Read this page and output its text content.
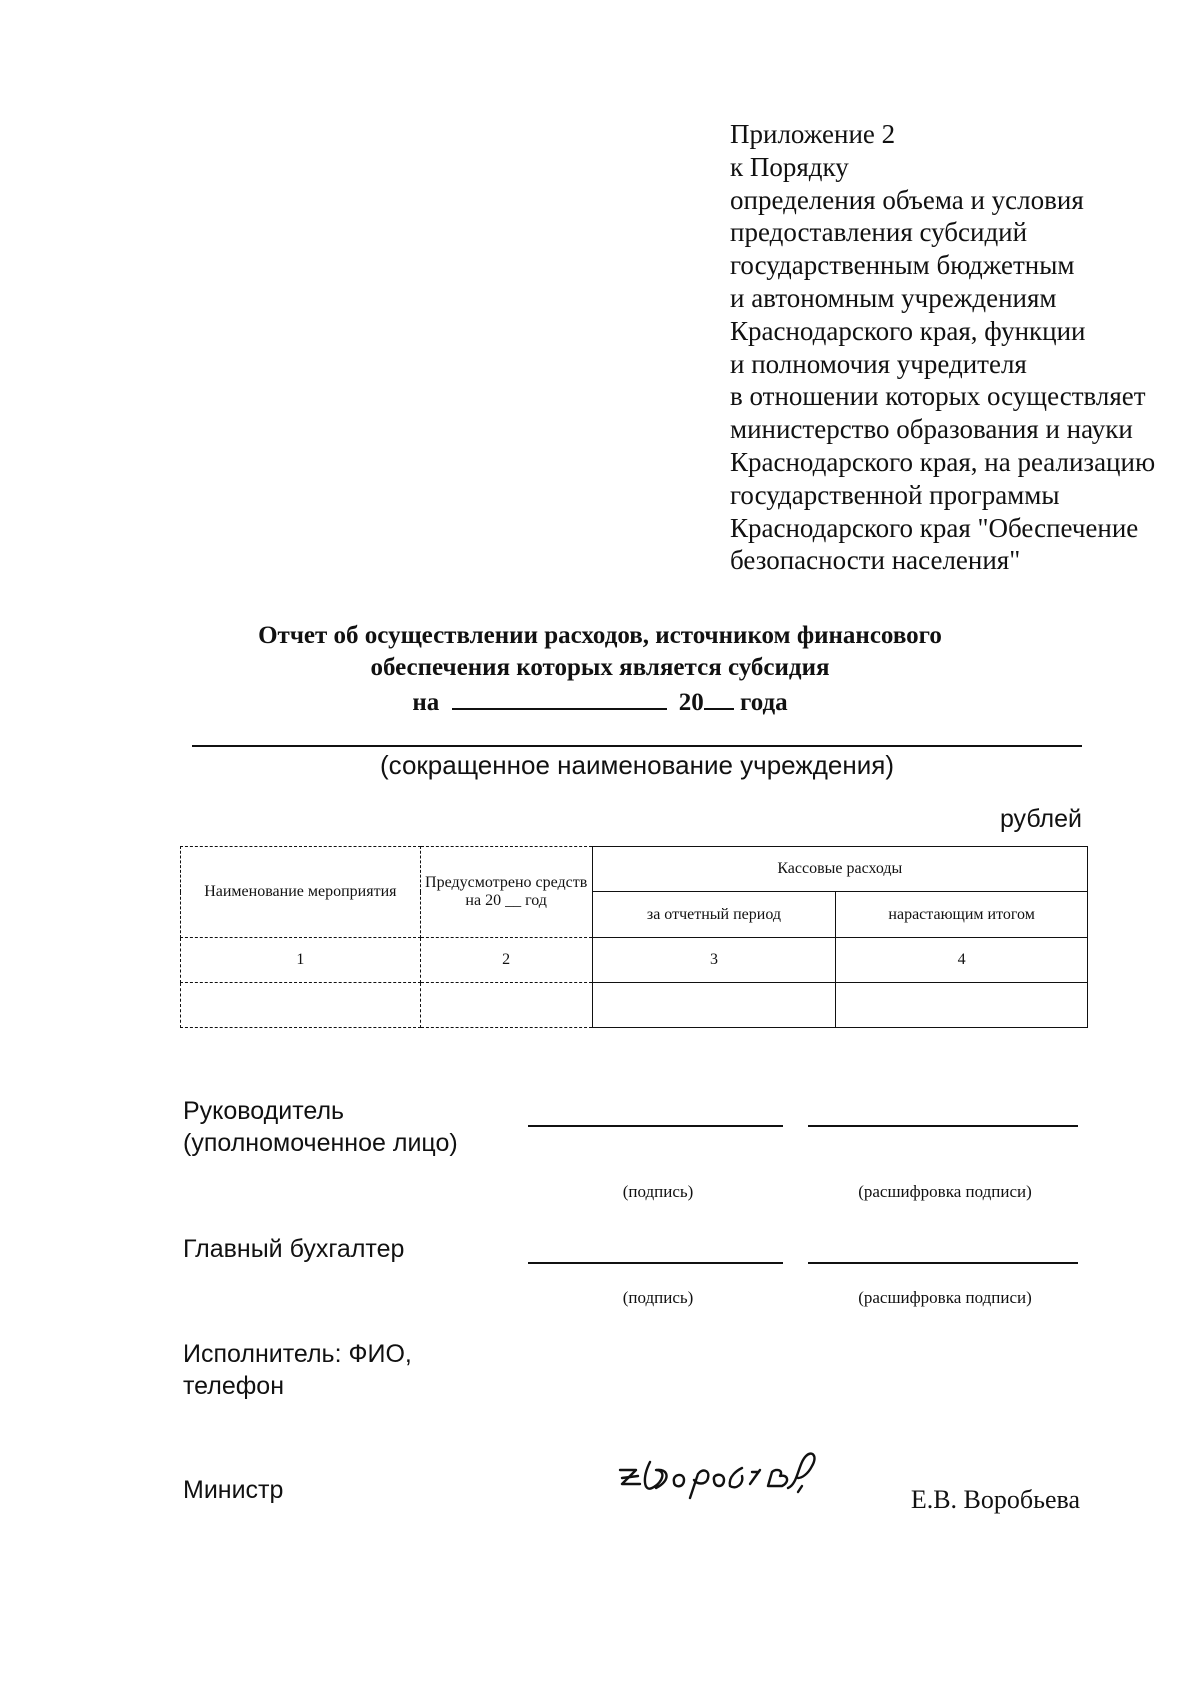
Приложение 2
к Порядку
определения объема и условия
предоставления субсидий
государственным бюджетным
и автономным учреждениям
Краснодарского края, функции
и полномочия учредителя
в отношении которых осуществляет
министерство образования и науки
Краснодарского края, на реализацию
государственной программы
Краснодарского края "Обеспечение
безопасности населения"
Отчет об осуществлении расходов, источником финансового
обеспечения которых является субсидия
на	20 года
(сокращенное наименование учреждения)
рублей
Наименование мероприятия	Предусмотрено средств на 20 __ год	Кассовые расходы	
		за отчетный период	нарастающим итогом
1	2	3	4

Руководитель
(уполномоченное лицо)
(подпись)	(расшифровка подписи)
Главный бухгалтер
(подпись)	(расшифровка подписи)
Исполнитель: ФИО,
телефон
Министр	Е.В. Воробьева
